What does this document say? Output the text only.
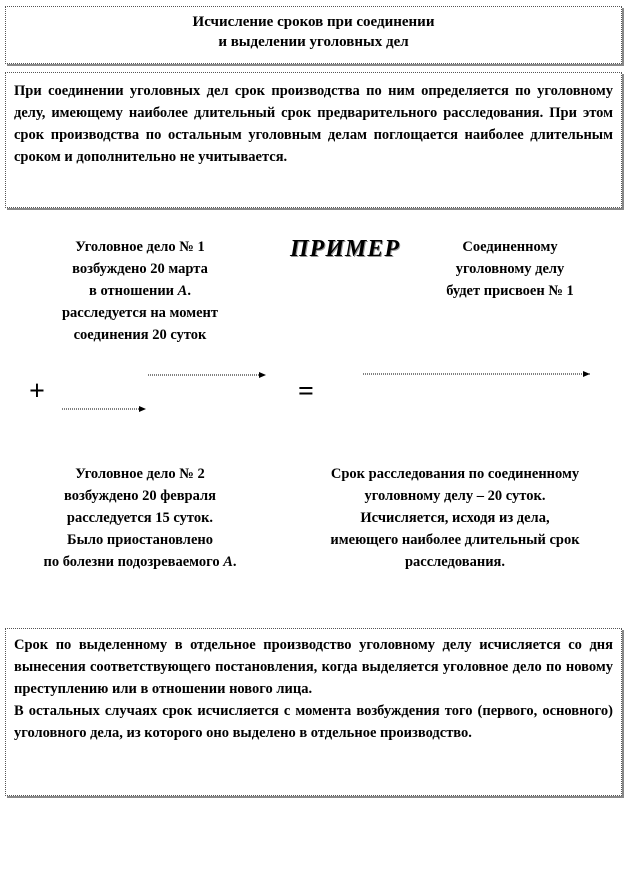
Исчисление сроков при соединении
и выделении уголовных дел

При соединении уголовных дел срок производства по ним определяется по уголовному делу, имеющему наиболее длительный срок предварительного расследования. При этом срок производства по остальным уголовным делам поглощается наиболее длительным сроком и дополнительно не учитывается.

Уголовное дело № 1
возбуждено 20 марта
в отношении А.
расследуется на момент
соединения 20 суток
ПРИМЕР	Соединенному
уголовному делу
будет присвоен № 1
+	=
Уголовное дело № 2
возбуждено 20 февраля
расследуется 15 суток.
Было приостановлено
по болезни подозреваемого А.
Срок расследования по соединенному
уголовному делу – 20 суток.
Исчисляется, исходя из дела,
имеющего наиболее длительный срок
расследования.

Срок по выделенному в отдельное производство уголовному делу исчисляется со дня вынесения соответствующего постановления, когда выделяется уголовное дело по новому преступлению или в отношении нового лица.

В остальных случаях срок исчисляется с момента возбуждения того (первого, основного) уголовного дела, из которого оно выделено в отдельное производство.
